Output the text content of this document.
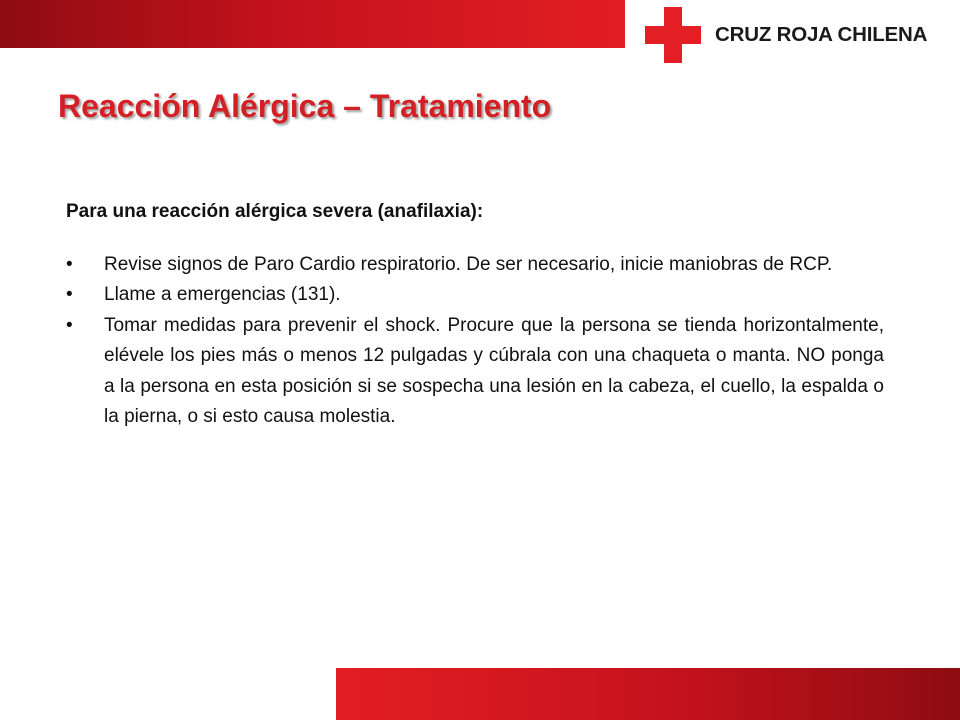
CRUZ ROJA CHILENA
Reacción Alérgica – Tratamiento

Para una reacción alérgica severa (anafilaxia):

• Revise signos de Paro Cardio respiratorio. De ser necesario, inicie maniobras de RCP.
• Llame a emergencias (131).
• Tomar medidas para prevenir el shock. Procure que la persona se tienda horizontalmente, elévele los pies más o menos 12 pulgadas y cúbrala con una chaqueta o manta. NO ponga a la persona en esta posición si se sospecha una lesión en la cabeza, el cuello, la espalda o la pierna, o si esto causa molestia.
